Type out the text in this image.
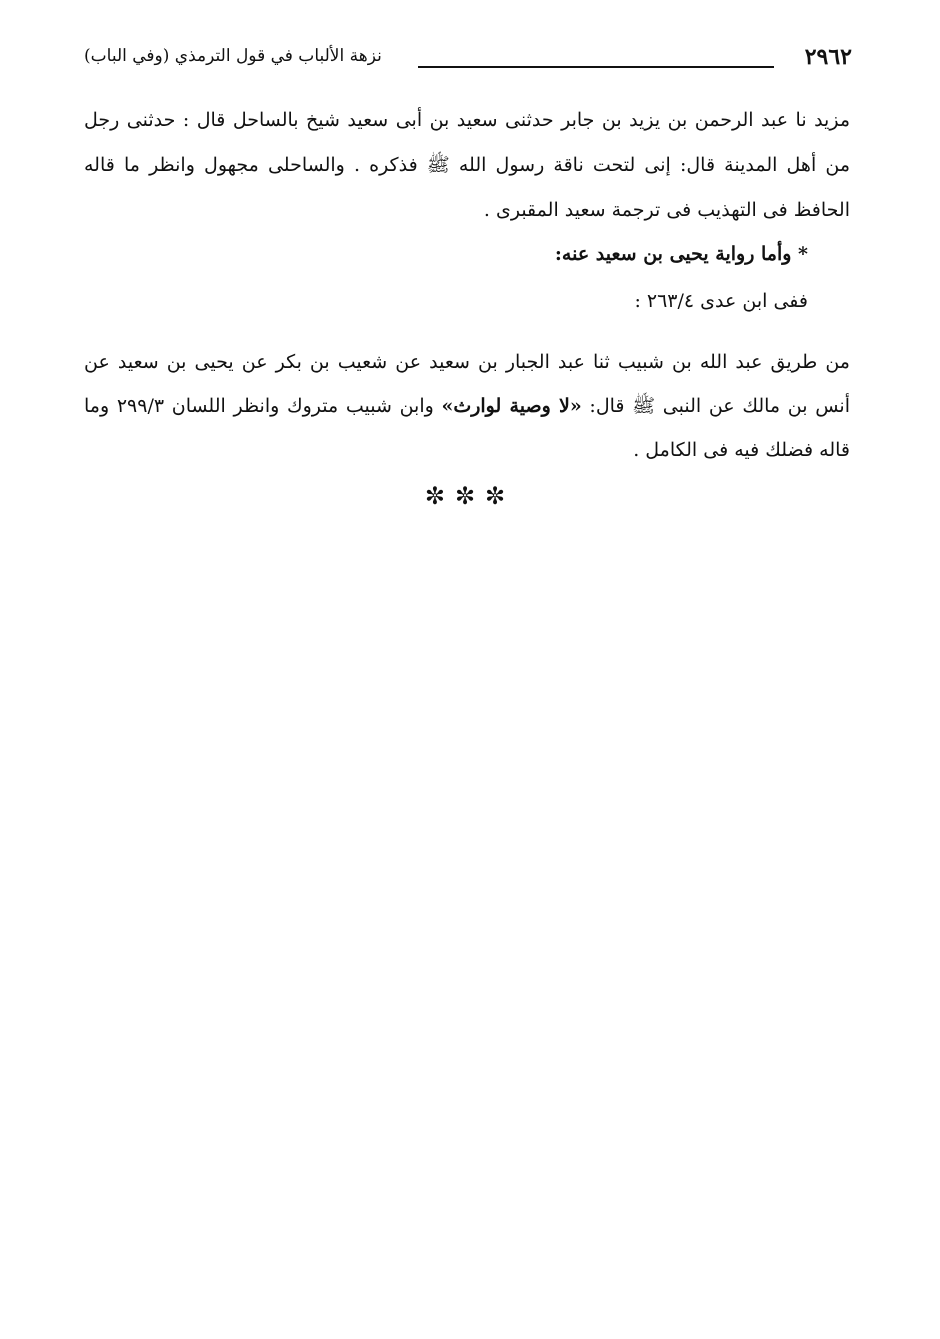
٢٩٦٢
نزهة الألباب في قول الترمذي (وفي الباب)

مزيد نا عبد الرحمن بن يزيد بن جابر حدثنى سعيد بن أبى سعيد شيخ بالساحل قال : حدثنى رجل من أهل المدينة قال: إنى لتحت ناقة رسول الله ﷺ فذكره . والساحلى مجهول وانظر ما قاله الحافظ فى التهذيب فى ترجمة سعيد المقبرى .

* وأما رواية يحيى بن سعيد عنه:
ففى ابن عدى ٢٦٣/٤ :
من طريق عبد الله بن شبيب ثنا عبد الجبار بن سعيد عن شعيب بن بكر عن يحيى بن سعيد عن أنس بن مالك عن النبى ﷺ قال: «لا وصية لوارث» وابن شبيب متروك وانظر اللسان ٢٩٩/٣ وما قاله فضلك فيه فى الكامل .
✼✼✼
